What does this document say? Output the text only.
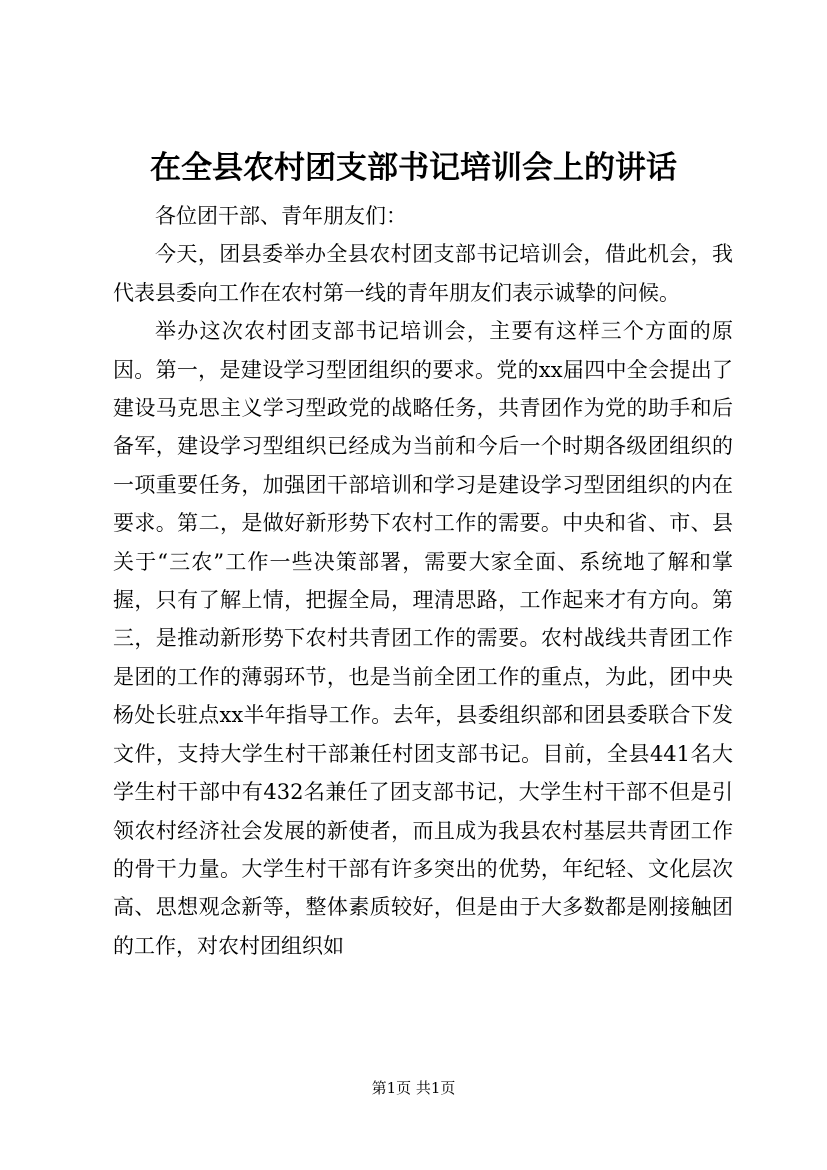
在全县农村团支部书记培训会上的讲话

各位团干部、青年朋友们：

今天，团县委举办全县农村团支部书记培训会，借此机会，我代表县委向工作在农村第一线的青年朋友们表示诚挚的问候。

举办这次农村团支部书记培训会，主要有这样三个方面的原因。第一，是建设学习型团组织的要求。党的xx届四中全会提出了建设马克思主义学习型政党的战略任务，共青团作为党的助手和后备军，建设学习型组织已经成为当前和今后一个时期各级团组织的一项重要任务，加强团干部培训和学习是建设学习型团组织的内在要求。第二，是做好新形势下农村工作的需要。中央和省、市、县关于“三农”工作一些决策部署，需要大家全面、系统地了解和掌握，只有了解上情，把握全局，理清思路，工作起来才有方向。第三，是推动新形势下农村共青团工作的需要。农村战线共青团工作是团的工作的薄弱环节，也是当前全团工作的重点，为此，团中央杨处长驻点xx半年指导工作。去年，县委组织部和团县委联合下发文件，支持大学生村干部兼任村团支部书记。目前，全县441名大学生村干部中有432名兼任了团支部书记，大学生村干部不但是引领农村经济社会发展的新使者，而且成为我县农村基层共青团工作的骨干力量。大学生村干部有许多突出的优势，年纪轻、文化层次高、思想观念新等，整体素质较好，但是由于大多数都是刚接触团的工作，对农村团组织如

第1页 共1页
